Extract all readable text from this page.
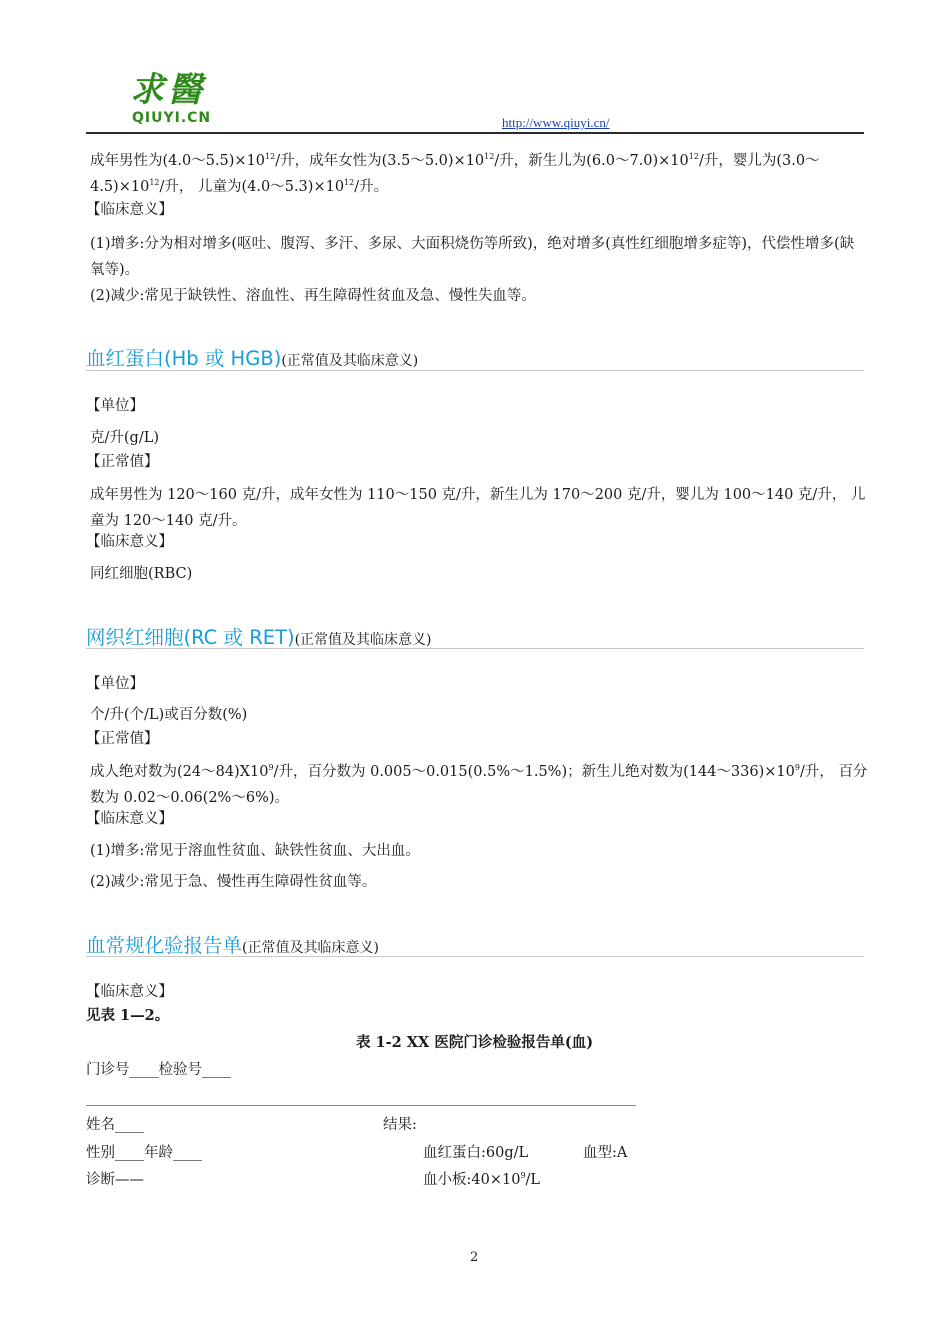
求醫
QIUYI.CN	http://www.qiuyi.cn/
成年男性为$(4.0\sim 5.5)\times 10^{12}/$升，成年女性为$(3.5\sim 5.0)\times 10^{12}/$升，新生儿为$(6.0\sim 7.0)\times 10^{12}/$升，婴儿为$(3.0\sim 4.5)\times 10^{12}/$升， 儿童为$(4.0\sim 5.3)\times 10^{12}/$升。
【临床意义】
(1)增多:分为相对增多(呕吐、腹泻、多汗、多尿、大面积烧伤等所致)，绝对增多(真性红细胞增多症等)，代偿性增多(缺氧等)。
(2)减少:常见于缺铁性、溶血性、再生障碍性贫血及急、慢性失血等。
血红蛋白(Hb 或 HGB)(正常值及其临床意义)
【单位】
克/升(g/L)
【正常值】
成年男性为 120～160 克/升，成年女性为 110～150 克/升，新生儿为 170～200 克/升，婴儿为 100～140 克/升， 儿童为 120～140 克/升。
【临床意义】
同红细胞(RBC)
网织红细胞(RC 或 RET)(正常值及其临床意义)
【单位】
个/升(个/L)或百分数(%)
【正常值】
成人绝对数为$(24\sim 84)X10^9/$升，百分数为 0.005～0.015(0.5%～1.5%)；新生儿绝对数为$(144\sim 336)\times 10^9/$升， 百分数为 0.02～0.06(2%～6%)。
【临床意义】
(1)增多:常见于溶血性贫血、缺铁性贫血、大出血。
(2)减少:常见于急、慢性再生障碍性贫血等。
血常规化验报告单(正常值及其临床意义)
【临床意义】
见表 1—2。
表 1-2 XX 医院门诊检验报告单(血)
门诊号____检验号____
姓名____	结果:
性别____年龄____	血红蛋白:60g/L	血型:A
诊断——	血小板$:40\times 10^9/L$
2
